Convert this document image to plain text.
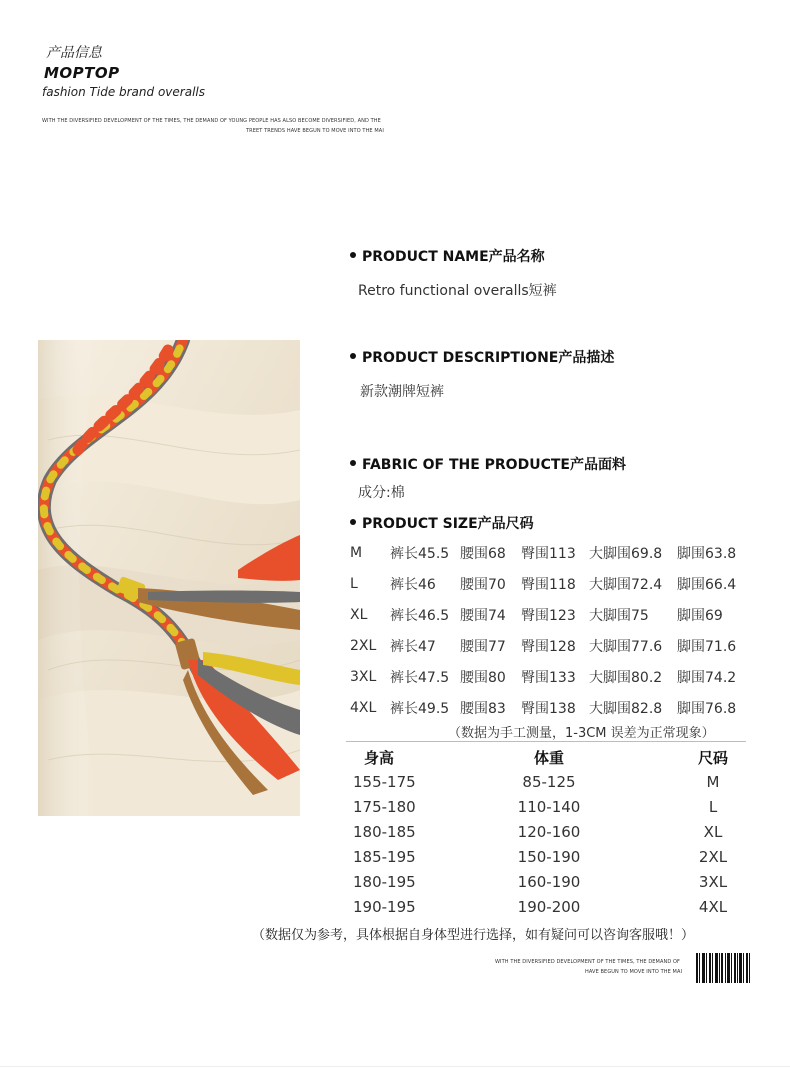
产品信息
MOPTOP
fashion Tide brand overalls
WITH THE DIVERSIFIED DEVELOPMENT OF THE TIMES, THE DEMAND OF YOUNG PEOPLE HAS ALSO BECOME DIVERSIFIED, AND THE
TREET TRENDS HAVE BEGUN TO MOVE INTO THE MAI
PRODUCT NAME产品名称
Retro functional overalls短裤
PRODUCT DESCRIPTIONE产品描述
新款潮牌短裤
FABRIC OF THE PRODUCTE产品面料
成分:棉
PRODUCT SIZE产品尺码
M	裤长45.5	腰围68	臀围113	大脚围69.8	脚围63.8
L	裤长46	腰围70	臀围118	大脚围72.4	脚围66.4
XL	裤长46.5	腰围74	臀围123	大脚围75	脚围69
2XL	裤长47	腰围77	臀围128	大脚围77.6	脚围71.6
3XL	裤长47.5	腰围80	臀围133	大脚围80.2	脚围74.2
4XL	裤长49.5	腰围83	臀围138	大脚围82.8	脚围76.8
（数据为手工测量，1-3CM 误差为正常现象）
身高	体重	尺码
155-175	85-125	M
175-180	110-140	L
180-185	120-160	XL
185-195	150-190	2XL
180-195	160-190	3XL
190-195	190-200	4XL
（数据仅为参考，具体根据自身体型进行选择，如有疑问可以咨询客服哦！）
WITH THE DIVERSIFIED DEVELOPMENT OF THE TIMES, THE DEMAND OF
HAVE BEGUN TO MOVE INTO THE MAI
